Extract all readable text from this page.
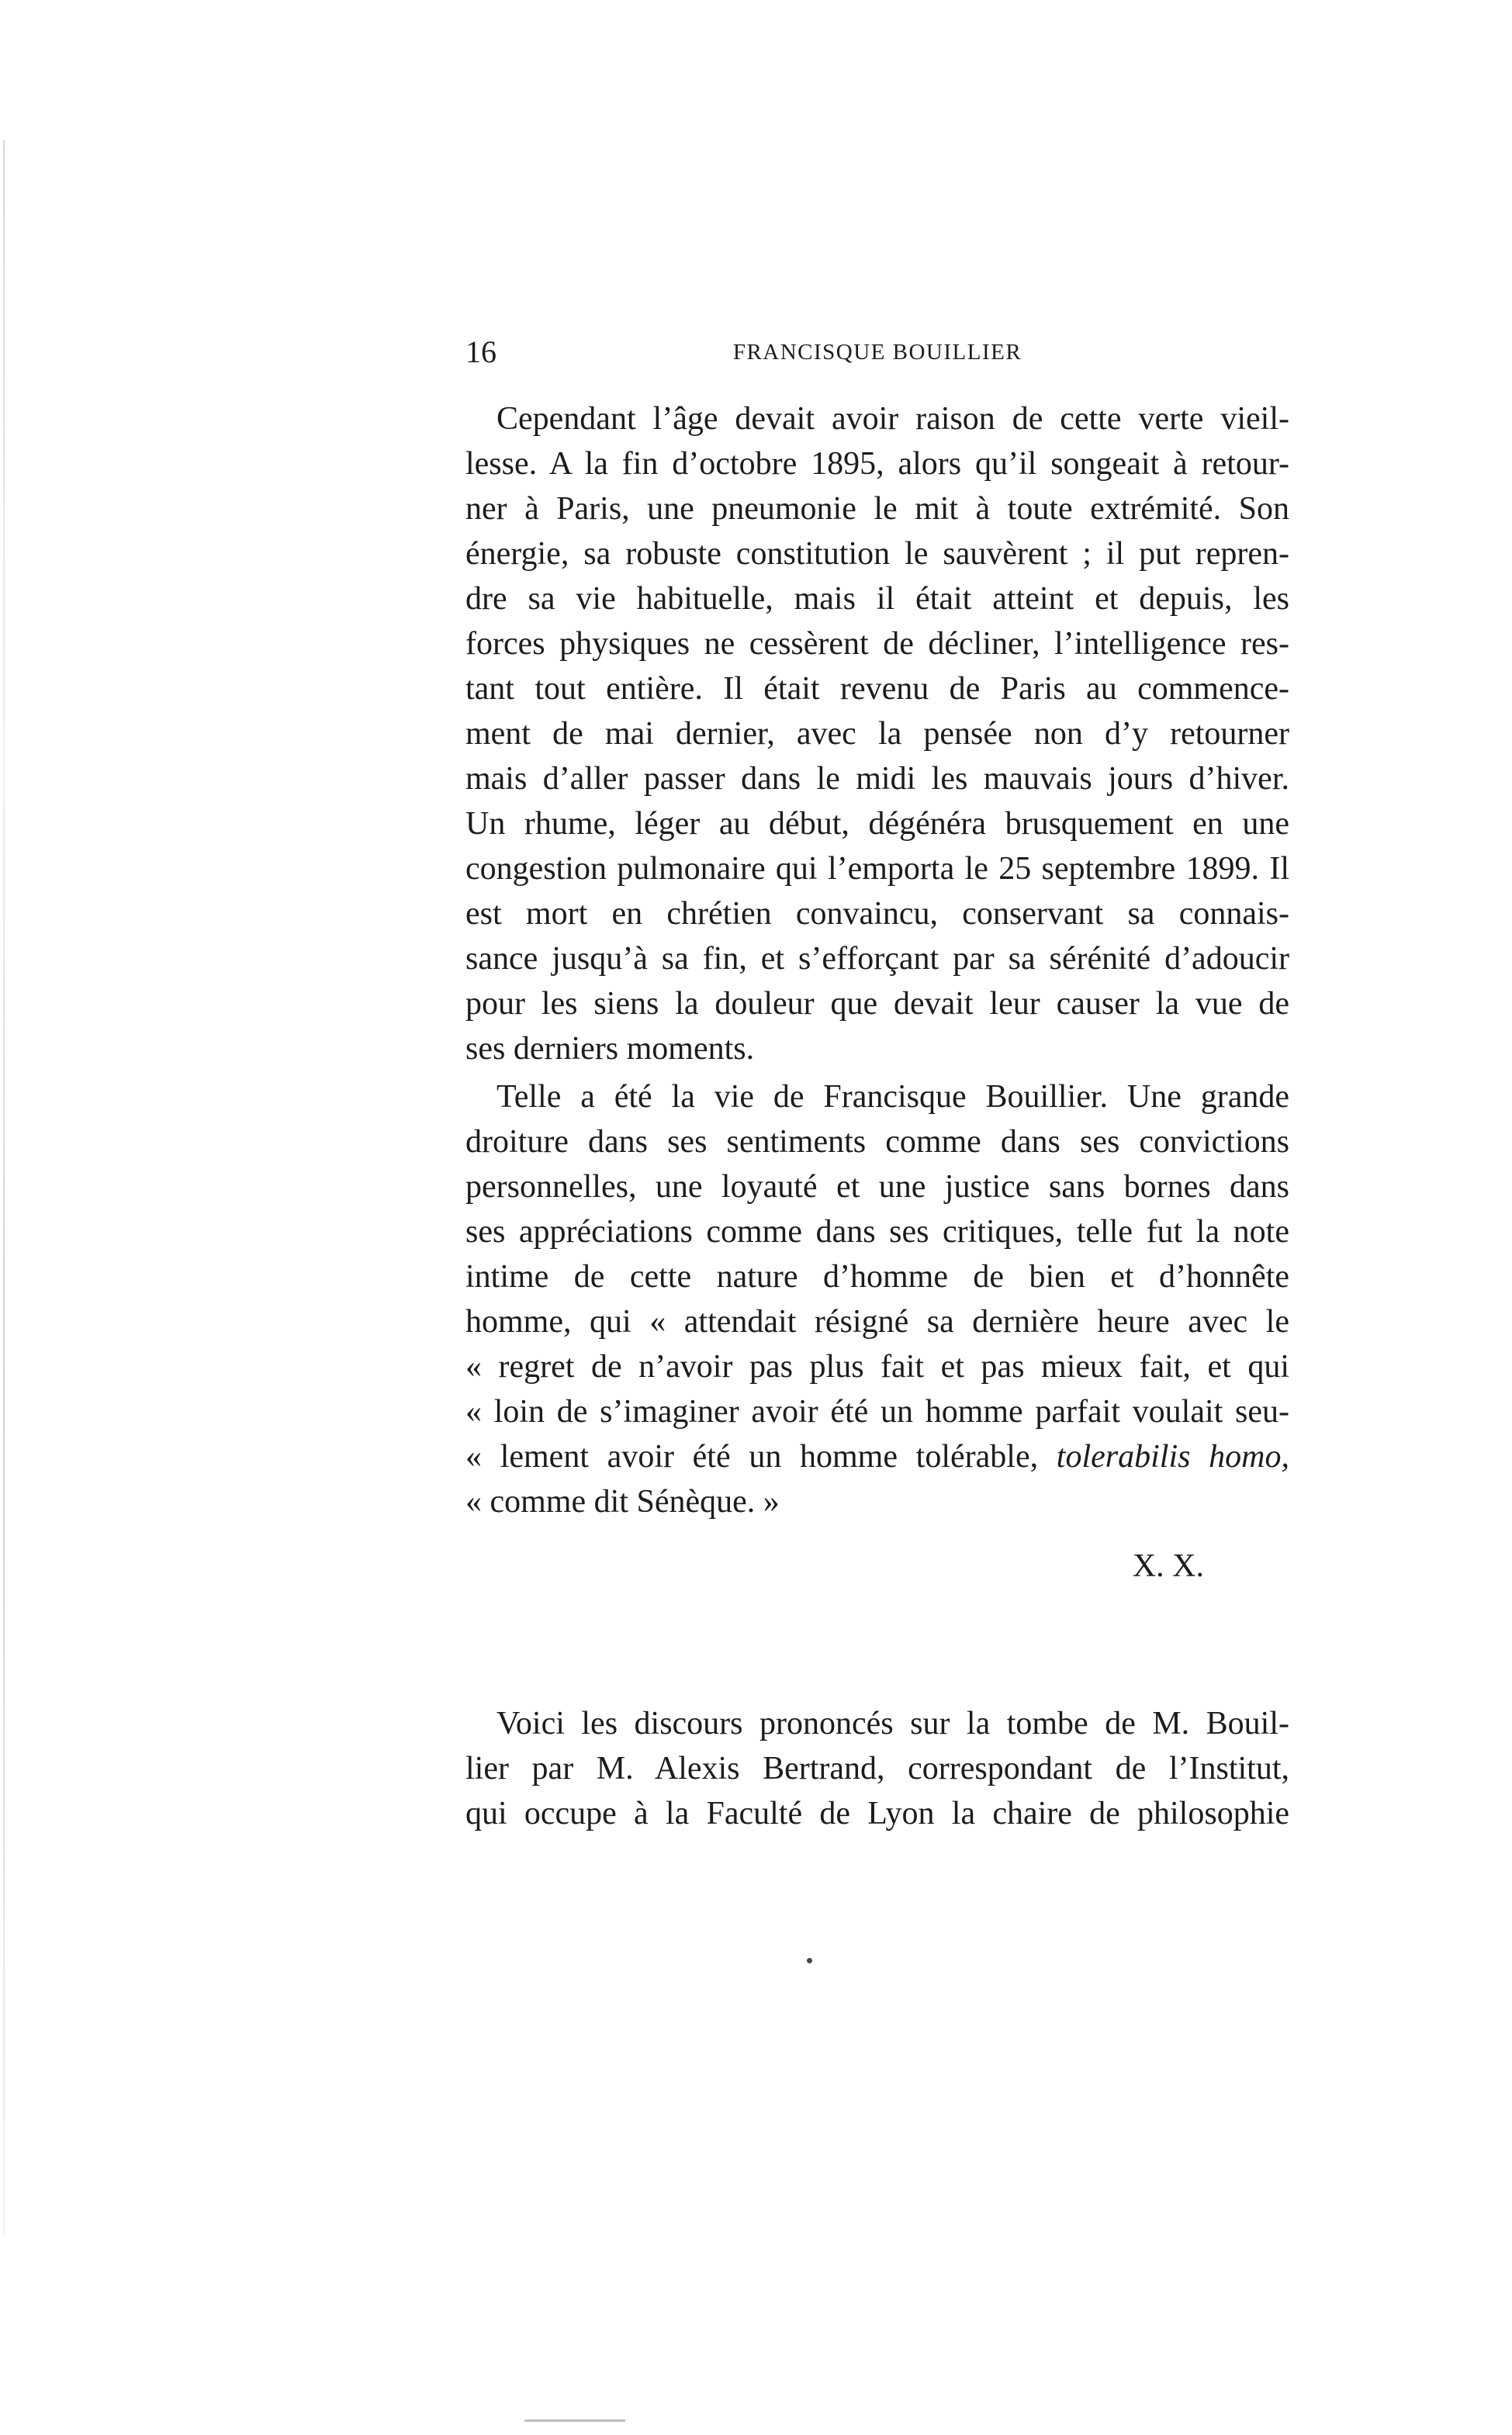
16	FRANCISQUE BOUILLIER
Cependant l’âge devait avoir raison de cette verte vieil-
lesse. A la fin d’octobre 1895, alors qu’il songeait à retour-
ner à Paris, une pneumonie le mit à toute extrémité. Son
énergie, sa robuste constitution le sauvèrent ; il put repren-
dre sa vie habituelle, mais il était atteint et depuis, les
forces physiques ne cessèrent de décliner, l’intelligence res-
tant tout entière. Il était revenu de Paris au commence-
ment de mai dernier, avec la pensée non d’y retourner
mais d’aller passer dans le midi les mauvais jours d’hiver.
Un rhume, léger au début, dégénéra brusquement en une
congestion pulmonaire qui l’emporta le 25 septembre 1899. Il
est mort en chrétien convaincu, conservant sa connais-
sance jusqu’à sa fin, et s’efforçant par sa sérénité d’adoucir
pour les siens la douleur que devait leur causer la vue de
ses derniers moments.
Telle a été la vie de Francisque Bouillier. Une grande
droiture dans ses sentiments comme dans ses convictions
personnelles, une loyauté et une justice sans bornes dans
ses appréciations comme dans ses critiques, telle fut la note
intime de cette nature d’homme de bien et d’honnête
homme, qui « attendait résigné sa dernière heure avec le
« regret de n’avoir pas plus fait et pas mieux fait, et qui
« loin de s’imaginer avoir été un homme parfait voulait seu-
« lement avoir été un homme tolérable, tolerabilis homo,
« comme dit Sénèque. »
X. X.
Voici les discours prononcés sur la tombe de M. Bouil-
lier par M. Alexis Bertrand, correspondant de l’Institut,
qui occupe à la Faculté de Lyon la chaire de philosophie
